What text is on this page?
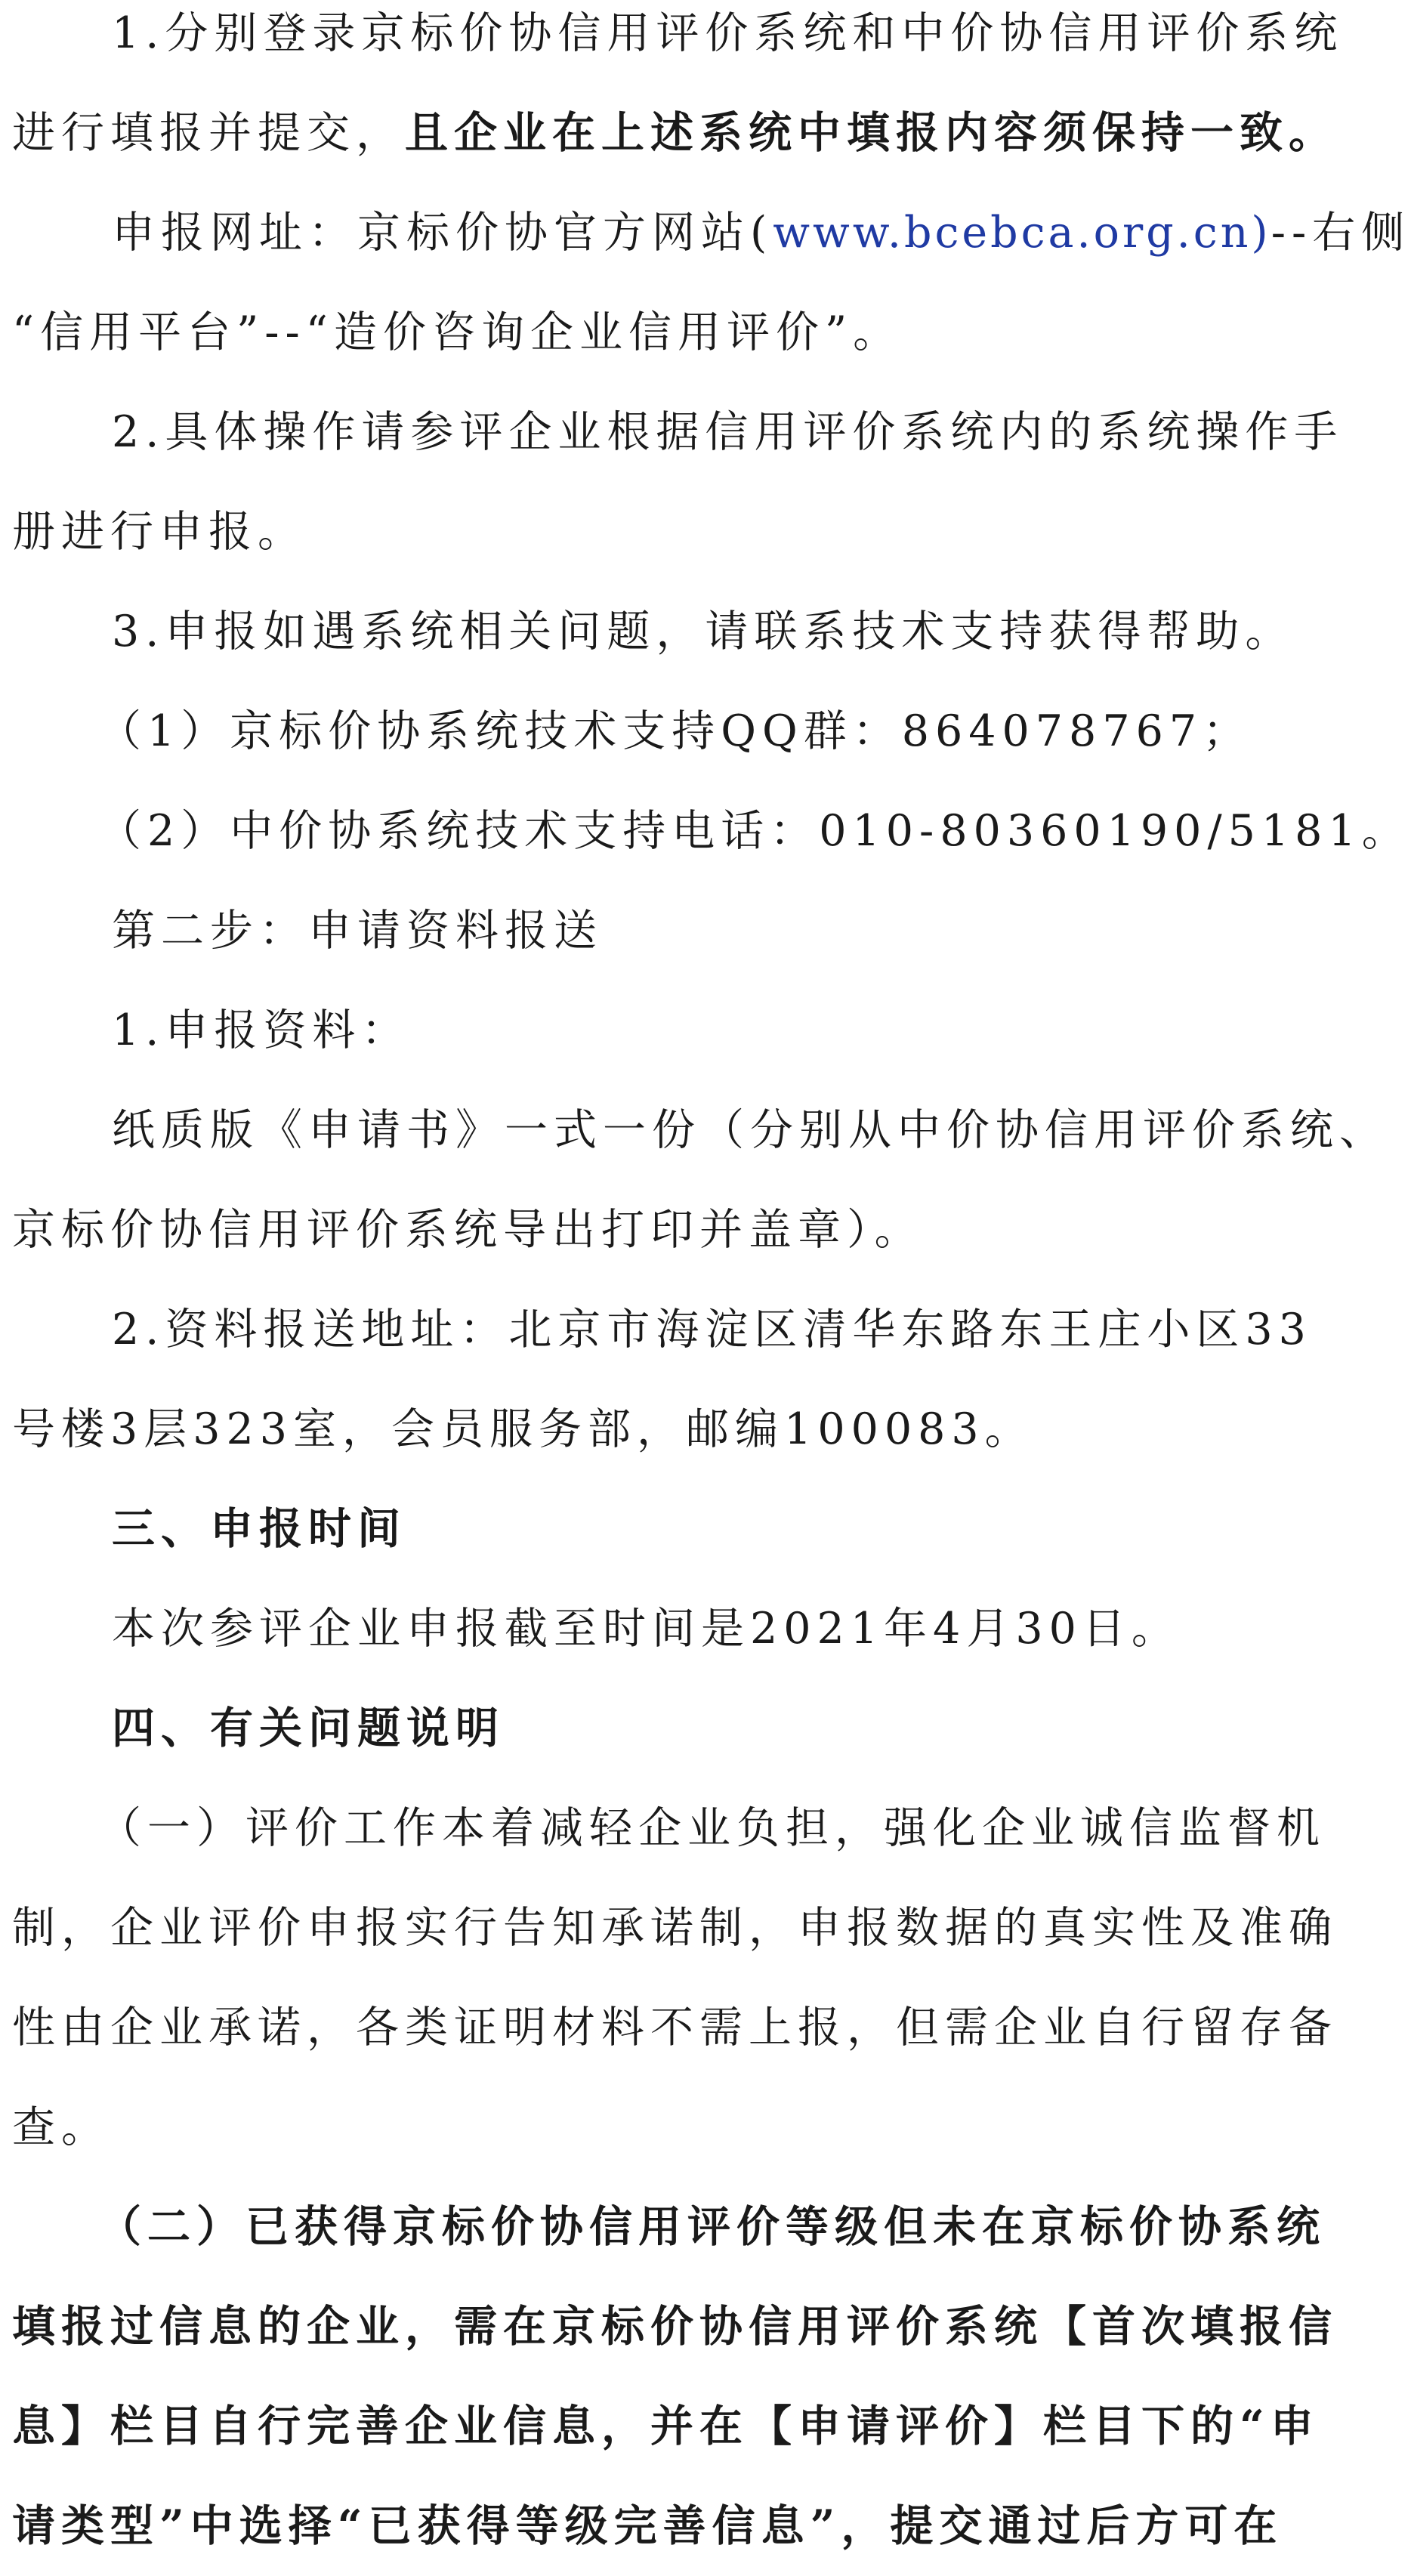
1.分别登录京标价协信用评价系统和中价协信用评价系统
进行填报并提交，且企业在上述系统中填报内容须保持一致。
申报网址：京标价协官方网站(www.bcebca.org.cn)--右侧
“信用平台”--“造价咨询企业信用评价”。
2.具体操作请参评企业根据信用评价系统内的系统操作手
册进行申报。
3.申报如遇系统相关问题，请联系技术支持获得帮助。
（1）京标价协系统技术支持QQ群：864078767；
（2）中价协系统技术支持电话：010-80360190/5181。
第二步：申请资料报送
1.申报资料：
纸质版《申请书》一式一份（分别从中价协信用评价系统、
京标价协信用评价系统导出打印并盖章）。
2.资料报送地址：北京市海淀区清华东路东王庄小区33
号楼3层323室，会员服务部，邮编100083。
三、申报时间
本次参评企业申报截至时间是2021年4月30日。
四、有关问题说明
（一）评价工作本着减轻企业负担，强化企业诚信监督机
制，企业评价申报实行告知承诺制，申报数据的真实性及准确
性由企业承诺，各类证明材料不需上报，但需企业自行留存备
查。
（二）已获得京标价协信用评价等级但未在京标价协系统
填报过信息的企业，需在京标价协信用评价系统【首次填报信
息】栏目自行完善企业信息，并在【申请评价】栏目下的“申
请类型”中选择“已获得等级完善信息”，提交通过后方可在
